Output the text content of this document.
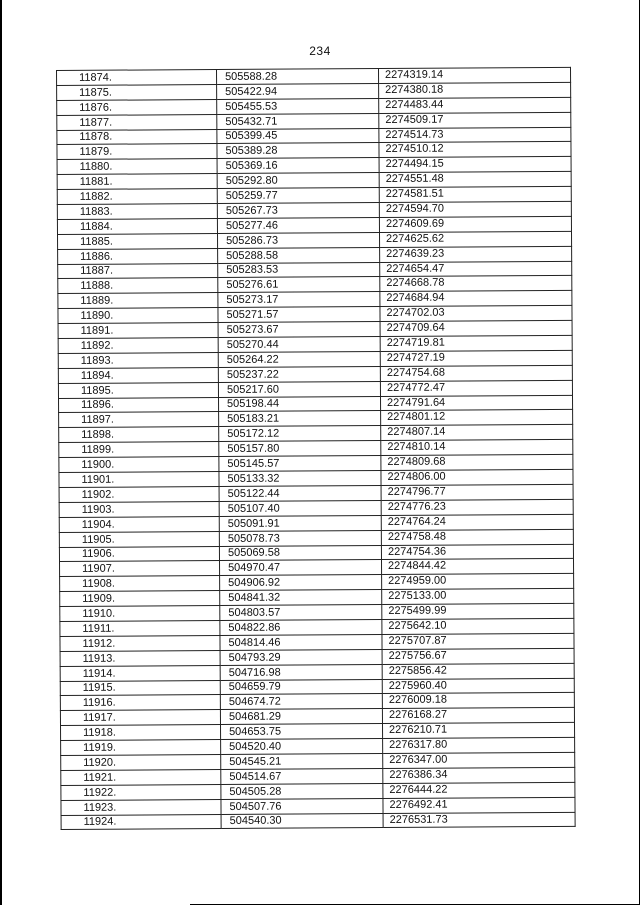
234
11874.	505588.28	2274319.14
11875.	505422.94	2274380.18
11876.	505455.53	2274483.44
11877.	505432.71	2274509.17
11878.	505399.45	2274514.73
11879.	505389.28	2274510.12
11880.	505369.16	2274494.15
11881.	505292.80	2274551.48
11882.	505259.77	2274581.51
11883.	505267.73	2274594.70
11884.	505277.46	2274609.69
11885.	505286.73	2274625.62
11886.	505288.58	2274639.23
11887.	505283.53	2274654.47
11888.	505276.61	2274668.78
11889.	505273.17	2274684.94
11890.	505271.57	2274702.03
11891.	505273.67	2274709.64
11892.	505270.44	2274719.81
11893.	505264.22	2274727.19
11894.	505237.22	2274754.68
11895.	505217.60	2274772.47
11896.	505198.44	2274791.64
11897.	505183.21	2274801.12
11898.	505172.12	2274807.14
11899.	505157.80	2274810.14
11900.	505145.57	2274809.68
11901.	505133.32	2274806.00
11902.	505122.44	2274796.77
11903.	505107.40	2274776.23
11904.	505091.91	2274764.24
11905.	505078.73	2274758.48
11906.	505069.58	2274754.36
11907.	504970.47	2274844.42
11908.	504906.92	2274959.00
11909.	504841.32	2275133.00
11910.	504803.57	2275499.99
11911.	504822.86	2275642.10
11912.	504814.46	2275707.87
11913.	504793.29	2275756.67
11914.	504716.98	2275856.42
11915.	504659.79	2275960.40
11916.	504674.72	2276009.18
11917.	504681.29	2276168.27
11918.	504653.75	2276210.71
11919.	504520.40	2276317.80
11920.	504545.21	2276347.00
11921.	504514.67	2276386.34
11922.	504505.28	2276444.22
11923.	504507.76	2276492.41
11924.	504540.30	2276531.73
